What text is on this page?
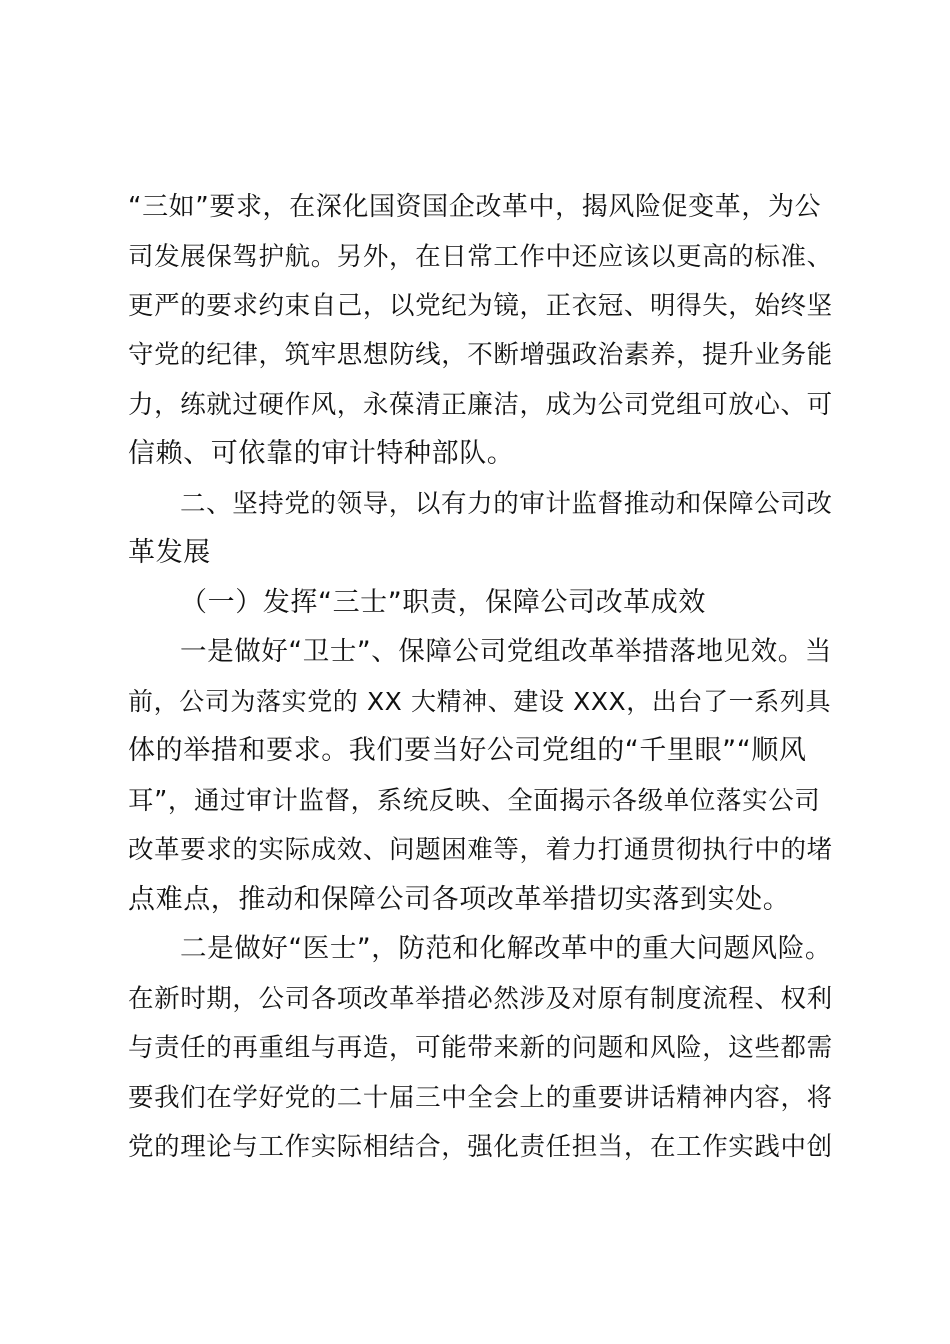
“三如”要求，在深化国资国企改革中，揭风险促变革，为公
司发展保驾护航。另外，在日常工作中还应该以更高的标准、
更严的要求约束自己，以党纪为镜，正衣冠、明得失，始终坚
守党的纪律，筑牢思想防线，不断增强政治素养，提升业务能
力，练就过硬作风，永葆清正廉洁，成为公司党组可放心、可
信赖、可依靠的审计特种部队。
二、坚持党的领导，以有力的审计监督推动和保障公司改
革发展
（一）发挥“三士”职责，保障公司改革成效
一是做好“卫士”、保障公司党组改革举措落地见效。当
前，公司为落实党的 XX 大精神、建设 XXX，出台了一系列具
体的举措和要求。我们要当好公司党组的“千里眼”“顺风
耳”，通过审计监督，系统反映、全面揭示各级单位落实公司
改革要求的实际成效、问题困难等，着力打通贯彻执行中的堵
点难点，推动和保障公司各项改革举措切实落到实处。
二是做好“医士”，防范和化解改革中的重大问题风险。
在新时期，公司各项改革举措必然涉及对原有制度流程、权利
与责任的再重组与再造，可能带来新的问题和风险，这些都需
要我们在学好党的二十届三中全会上的重要讲话精神内容，将
党的理论与工作实际相结合，强化责任担当，在工作实践中创
